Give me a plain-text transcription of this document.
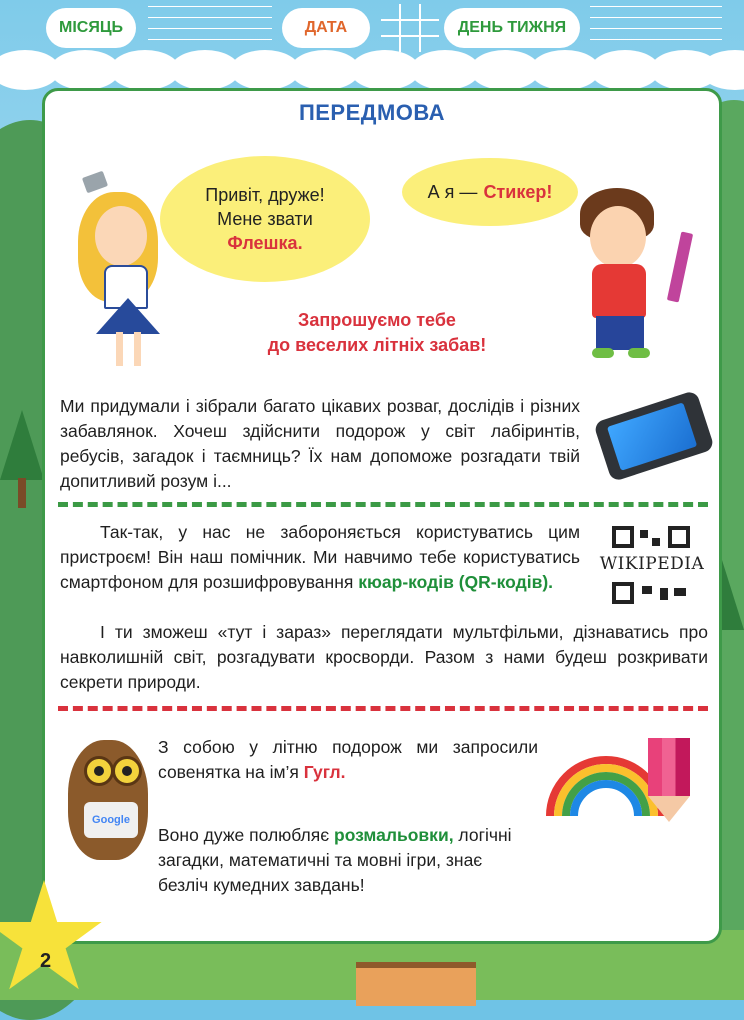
МІСЯЦЬ	ДАТА	ДЕНЬ ТИЖНЯ
ПЕРЕДМОВА
Привіт, друже!
Мене звати
Флешка.
А я — Стикер!
Запрошуємо тебе
до веселих літніх забав!
Ми придумали і зібрали багато цікавих розваг, дослідів і різних забавлянок. Хочеш здійснити подорож у світ лабіринтів, ребусів, загадок і таємниць? Їх нам допоможе розгадати твій допитливий розум і...
Так-так, у нас не забороняється користуватись цим пристроєм! Він наш помічник. Ми навчимо тебе користуватись смартфоном для розшифровування кюар-кодів (QR-кодів).
І ти зможеш «тут і зараз» переглядати мультфільми, дізнаватись про навколишній світ, розгадувати кросворди. Разом з нами будеш розкривати секрети природи.
WIKIPEDIA
Google
З собою у літню подорож ми запросили совенятка на ім’я Гугл.
Воно дуже полюбляє розмальовки, логічні загадки, математичні та мовні ігри, знає безліч кумедних завдань!
2
